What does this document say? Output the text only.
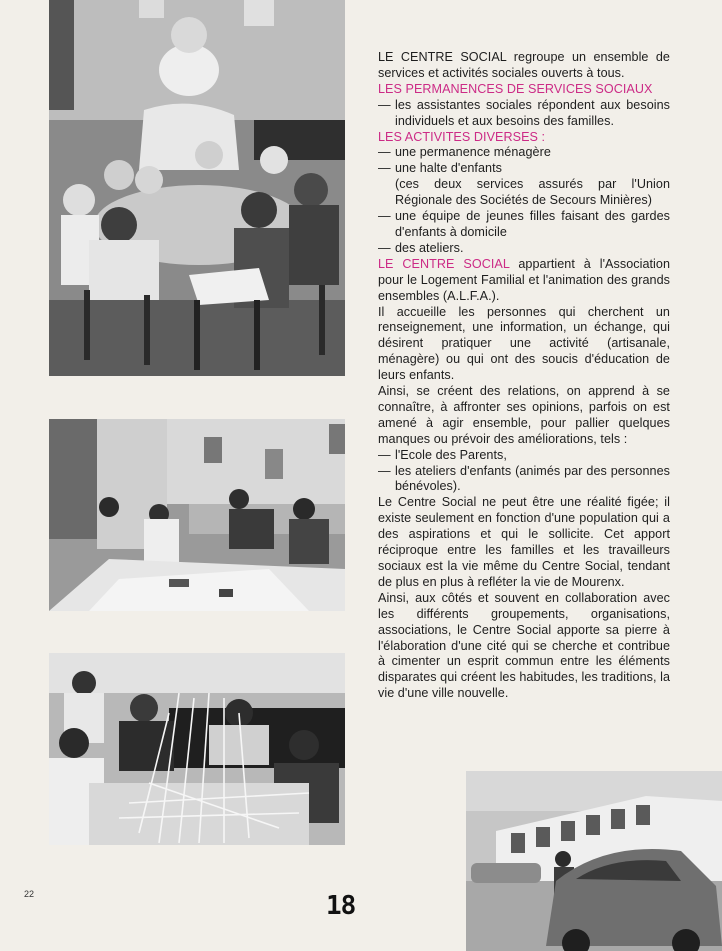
LE CENTRE SOCIAL regroupe un ensemble de services et activités sociales ouverts à tous.

LES PERMANENCES DE SERVICES SOCIAUX

— les assistantes sociales répondent aux besoins individuels et aux besoins des familles.

LES ACTIVITES DIVERSES :

— une permanence ménagère
— une halte d'enfants
(ces deux services assurés par l'Union Régionale des Sociétés de Secours Minières)
— une équipe de jeunes filles faisant des gardes d'enfants à domicile
— des ateliers.

LE CENTRE SOCIAL appartient à l'Association pour le Logement Familial et l'animation des grands ensembles (A.L.F.A.).

Il accueille les personnes qui cherchent un renseignement, une information, un échange, qui désirent pratiquer une activité (artisanale, ménagère) ou qui ont des soucis d'éducation de leurs enfants.

Ainsi, se créent des relations, on apprend à se connaître, à affronter ses opinions, parfois on est amené à agir ensemble, pour pallier quelques manques ou prévoir des améliorations, tels :

— l'Ecole des Parents,
— les ateliers d'enfants (animés par des personnes bénévoles).

Le Centre Social ne peut être une réalité figée; il existe seulement en fonction d'une population qui a des aspirations et qui le sollicite. Cet apport réciproque entre les familles et les travailleurs sociaux est la vie même du Centre Social, tendant de plus en plus à refléter la vie de Mourenx.

Ainsi, aux côtés et souvent en collaboration avec les différents groupements, organisations, associations, le Centre Social apporte sa pierre à l'élaboration d'une cité qui se cherche et contribue à cimenter un esprit commun entre les éléments disparates qui créent les habitudes, les traditions, la vie d'une ville nouvelle.

22	18
